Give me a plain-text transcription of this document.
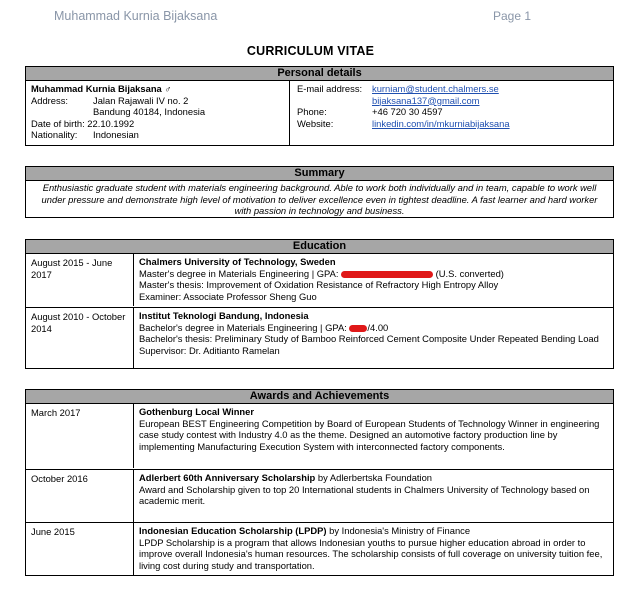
Muhammad Kurnia Bijaksana	Page 1
CURRICULUM VITAE
Personal details
Muhammad Kurnia Bijaksana ♂
Address:	Jalan Rajawali IV no. 2
Bandung 40184, Indonesia
Date of birth:
22.10.1992
Nationality:	Indonesian
E-mail address:	kurniam@student.chalmers.se
bijaksana137@gmail.com
Phone:	+46 720 30 4597
Website:	linkedin.com/in/mkurniabijaksana
Summary
Enthusiastic graduate student with materials engineering background. Able to work both individually and in team, capable to work well under pressure and demonstrate high level of motivation to deliver excellence even in tightest deadline. A fast learner and hard worker with passion in technology and business.
Education
August 2015 - June 2017
Chalmers University of Technology, Sweden
Master's degree in Materials Engineering | GPA:	(U.S. converted)
Master's thesis: Improvement of Oxidation Resistance of Refractory High Entropy Alloy
Examiner: Associate Professor Sheng Guo
August 2010 - October 2014
Institut Teknologi Bandung, Indonesia
Bachelor's degree in Materials Engineering | GPA: /4.00
Bachelor's thesis: Preliminary Study of Bamboo Reinforced Cement Composite Under Repeated Bending Load
Supervisor: Dr. Aditianto Ramelan
Awards and Achievements
March 2017	Gothenburg Local Winner
European BEST Engineering Competition by Board of European Students of Technology Winner in engineering case study contest with Industry 4.0 as the theme. Designed an automotive factory production line by implementing Manufacturing Execution System with interconnected factory components.
October 2016	Adlerbert 60th Anniversary Scholarship by Adlerbertska Foundation
Award and Scholarship given to top 20 International students in Chalmers University of Technology based on academic merit.
June 2015	Indonesian Education Scholarship (LPDP) by Indonesia's Ministry of Finance
LPDP Scholarship is a program that allows Indonesian youths to pursue higher education abroad in order to improve overall Indonesia's human resources. The scholarship consists of full coverage on university tuition fee, living cost during study and transportation.
